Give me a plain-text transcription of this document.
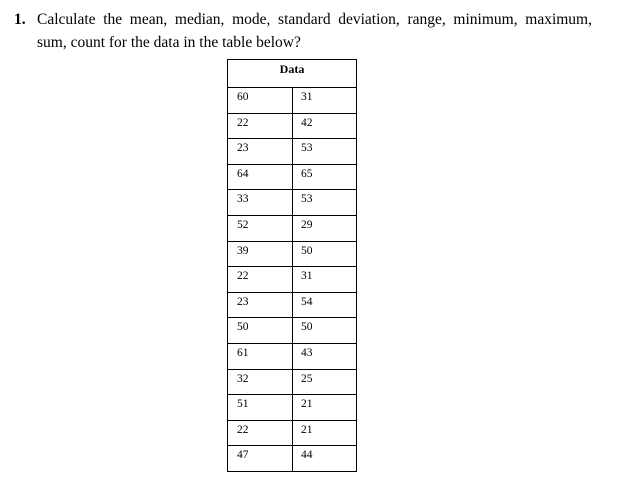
1. Calculate the mean, median, mode, standard deviation, range, minimum, maximum,
sum, count for the data in the table below?
Data	
60	31
22	42
23	53
64	65
33	53
52	29
39	50
22	31
23	54
50	50
61	43
32	25
51	21
22	21
47	44
